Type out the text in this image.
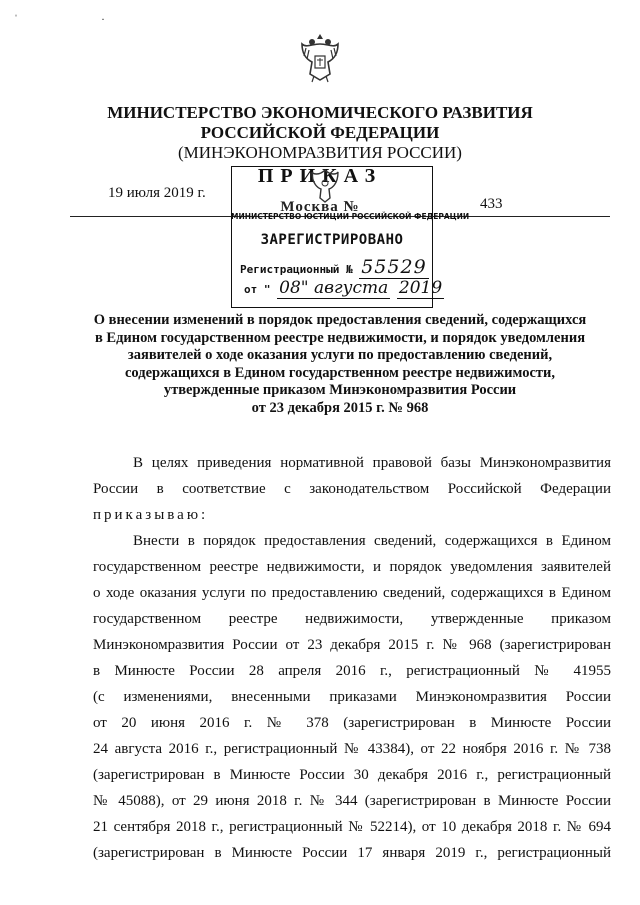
ˈ ·
МИНИСТЕРСТВО ЭКОНОМИЧЕСКОГО РАЗВИТИЯ
РОССИЙСКОЙ ФЕДЕРАЦИИ
(МИНЭКОНОМРАЗВИТИЯ РОССИИ)
ПРИКАЗ
19 июля 2019 г.
Москва №	433
МИНИСТЕРСТВО ЮСТИЦИИ РОССИЙСКОЙ ФЕДЕРАЦИИ
ЗАРЕГИСТРИРОВАНО
Регистрационный № 55529
от " 08" августа 2019
О внесении изменений в порядок предоставления сведений, содержащихся
в Едином государственном реестре недвижимости, и порядок уведомления
заявителей о ходе оказания услуги по предоставлению сведений,
содержащихся в Едином государственном реестре недвижимости,
утвержденные приказом Минэкономразвития России
от 23 декабря 2015 г. № 968
В целях приведения нормативной правовой базы Минэкономразвития
России в соответствие с законодательством Российской Федерации
приказываю:
Внести в порядок предоставления сведений, содержащихся в Едином
государственном реестре недвижимости, и порядок уведомления заявителей
о ходе оказания услуги по предоставлению сведений, содержащихся в Едином
государственном реестре недвижимости, утвержденные приказом
Минэкономразвития России от 23 декабря 2015 г. № 968 (зарегистрирован
в Минюсте России 28 апреля 2016 г., регистрационный № 41955
(с изменениями, внесенными приказами Минэкономразвития России
от 20 июня 2016 г. № 378 (зарегистрирован в Минюсте России
24 августа 2016 г., регистрационный № 43384), от 22 ноября 2016 г. № 738
(зарегистрирован в Минюсте России 30 декабря 2016 г., регистрационный
№ 45088), от 29 июня 2018 г. № 344 (зарегистрирован в Минюсте России
21 сентября 2018 г., регистрационный № 52214), от 10 декабря 2018 г. № 694
(зарегистрирован в Минюсте России 17 января 2019 г., регистрационный
